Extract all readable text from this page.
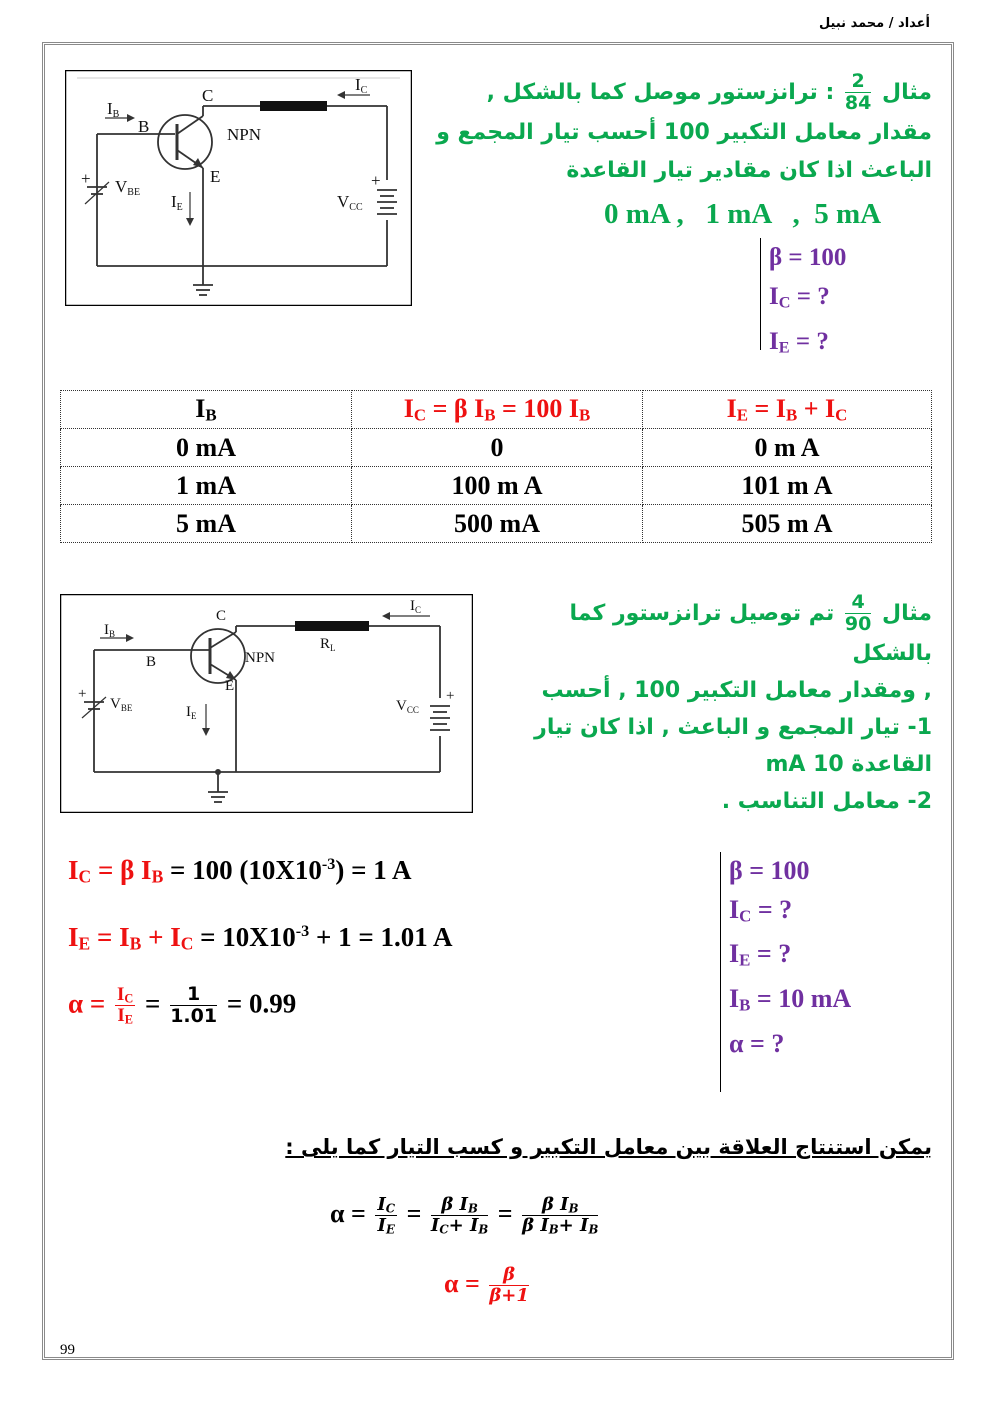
أعداد / محمد نبيل
C
B
E
NPN
IB
IC
IE
VBE	VCC
+	+
مثال
$\frac{2}{84}$
: ترانزستور موصل كما بالشكل ,
مقدار معامل التكبير 100 أحسب تيار المجمع و
الباعث اذا كان مقادير تيار القاعدة
0 mA ,   1 mA   ,  5 mA
β = 100
$I_C$ = ?
$I_E$ = ?
$I_B$	$I_C = \beta$ $I_B = 100$ $I_B$	$I_E = I_B + I_C$
0 mA	0	0 m A
1 mA	100 m A	101 m A
5 mA	500 mA	505 m A
C
B
E
NPN
$I_B$
$I_C$
$R_L$
$I_E$
$V_{BE}$	$V_{CC}$
+	+
مثال
$\frac{4}{90}$
تم توصيل ترانزستور كما بالشكل
, ومقدار معامل التكبير 100 , أحسب
1- تيار المجمع و الباعث , اذا كان تيار
القاعدة 10 mA
2- معامل التناسب .
$I_C = \beta$ $I_B = 100$ $(10X10^{-3}) = 1$ A
$I_E = I_B + I_C = 10X10^{-3} + 1 = 1.01$ A
$\alpha = \frac{I_C}{I_E} = \frac{1}{1.01} = 0.99$
β = 100
$I_C$ = ?
$I_E$ = ?
$I_B = 10$ mA
α = ?
يمكن استنتاج العلاقة بين معامل التكبير و كسب التيار كما يلى :
$\alpha = \frac{I_C}{I_E} = \frac{\beta I_B}{I_C+ I_B} = \frac{\beta I_B}{\beta I_B+ I_B}$
$\alpha = \frac{\beta}{\beta+1}$
99
